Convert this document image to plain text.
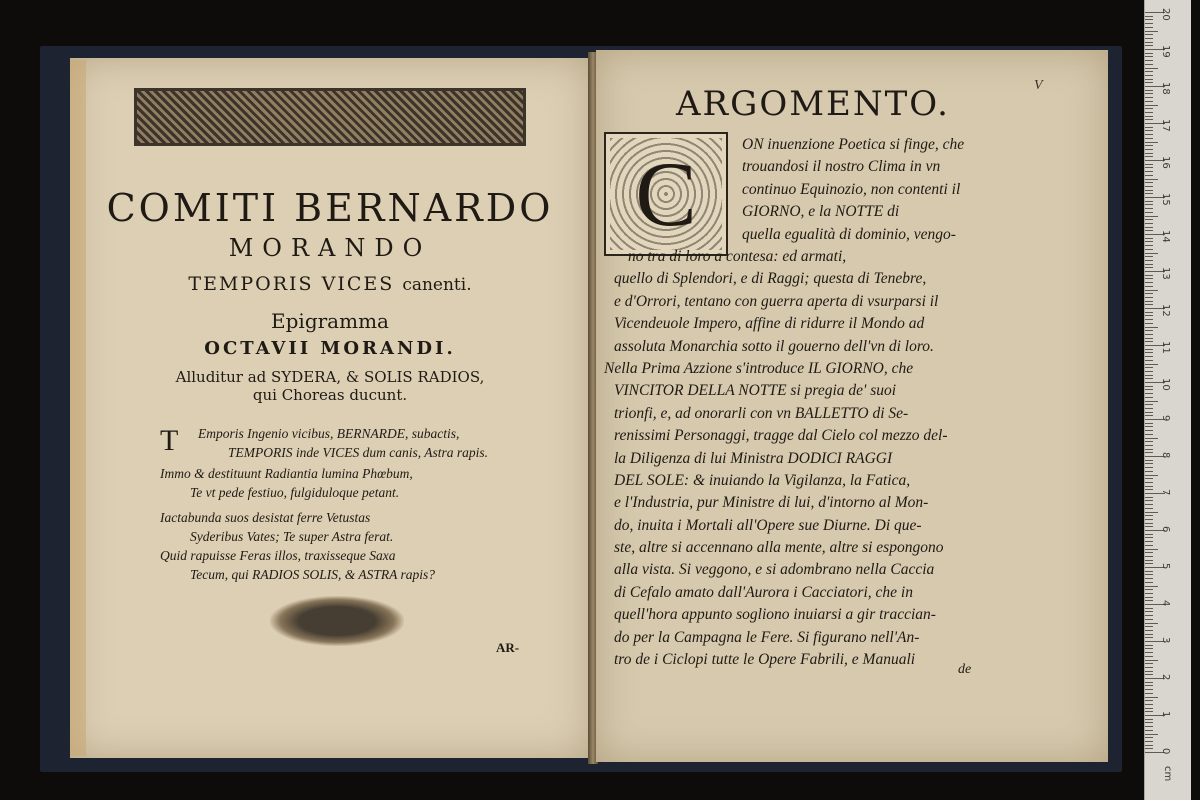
COMITI BERNARDO
MORANDO
TEMPORIS VICES canenti.
Epigramma
OCTAVII MORANDI.
Alluditur ad SYDERA, & SOLIS RADIOS,
qui Choreas ducunt.
T Emporis Ingenio vicibus, BERNARDE, subactis,
TEMPORIS inde VICES dum canis, Astra rapis.
Immo & destituunt Radiantia lumina Phœbum,
Te vt pede festiuo, fulgiduloque petant.
Iactabunda suos desistat ferre Vetustas
Syderibus Vates; Te super Astra ferat.
Quid rapuisse Feras illos, traxisseque Saxa
Tecum, qui RADIOS SOLIS, & ASTRA rapis?
AR-
V
ARGOMENTO.
C	ON inuenzione Poetica si finge, che
trouandosi il nostro Clima in vn
continuo Equinozio, non contenti il
GIORNO, e la NOTTE di
quella egualità di dominio, vengo-
no tra di loro a contesa: ed armati,
quello di Splendori, e di Raggi; questa di Tenebre,
e d'Orrori, tentano con guerra aperta di vsurparsi il
Vicendeuole Impero, affine di ridurre il Mondo ad
assoluta Monarchia sotto il gouerno dell'vn di loro.
Nella Prima Azzione s'introduce IL GIORNO, che
VINCITOR DELLA NOTTE si pregia de' suoi
trionfi, e, ad onorarli con vn BALLETTO di Se-
renissimi Personaggi, tragge dal Cielo col mezzo del-
la Diligenza di lui Ministra DODICI RAGGI
DEL SOLE: & inuiando la Vigilanza, la Fatica,
e l'Industria, pur Ministre di lui, d'intorno al Mon-
do, inuita i Mortali all'Opere sue Diurne. Di que-
ste, altre si accennano alla mente, altre si espongono
alla vista. Si veggono, e si adombrano nella Caccia
di Cefalo amato dall'Aurora i Cacciatori, che in
quell'hora appunto sogliono inuiarsi a gir traccian-
do per la Campagna le Fere. Si figurano nell'An-
tro de i Ciclopi tutte le Opere Fabrili, e Manuali
de
20
19
18
17
16
15
14
13
12
11
10
9
8
7
6
5
4
3
2
1
0
cm
